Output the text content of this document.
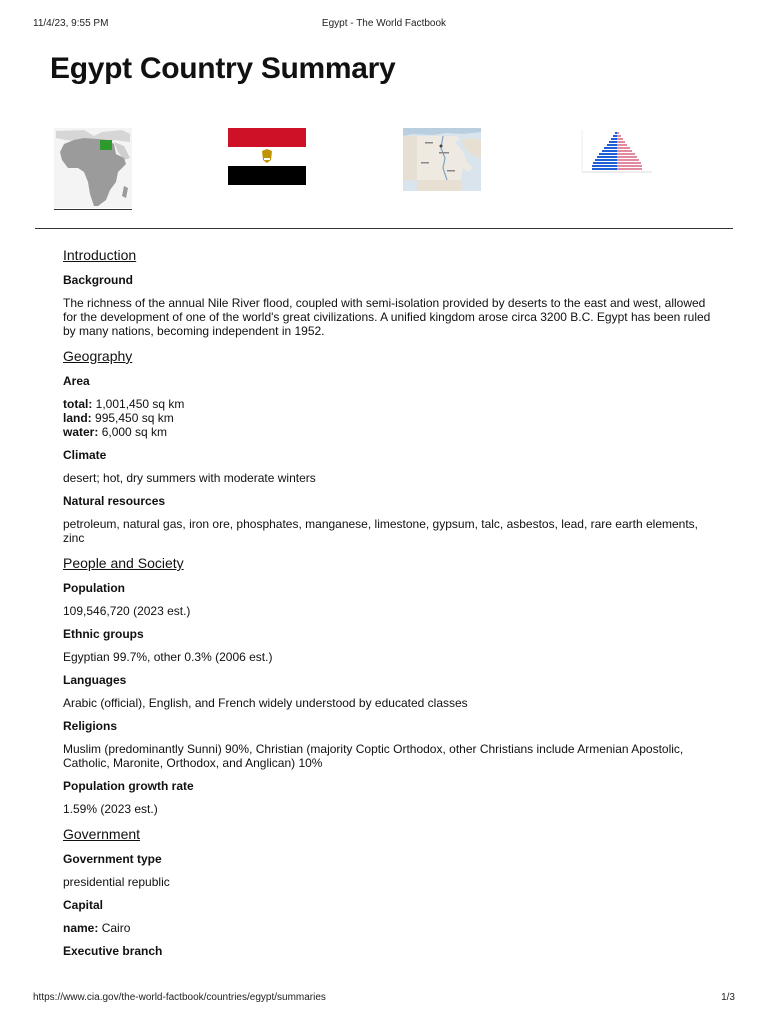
11/4/23, 9:55 PM	Egypt - The World Factbook
Egypt Country Summary
Introduction
Background
The richness of the annual Nile River flood, coupled with semi-isolation provided by deserts to the east and west, allowed for the development of one of the world's great civilizations. A unified kingdom arose circa 3200 B.C. Egypt has been ruled by many nations, becoming independent in 1952.
Geography
Area
total: 1,001,450 sq km
land: 995,450 sq km
water: 6,000 sq km
Climate
desert; hot, dry summers with moderate winters
Natural resources
petroleum, natural gas, iron ore, phosphates, manganese, limestone, gypsum, talc, asbestos, lead, rare earth elements, zinc
People and Society
Population
109,546,720 (2023 est.)
Ethnic groups
Egyptian 99.7%, other 0.3% (2006 est.)
Languages
Arabic (official), English, and French widely understood by educated classes
Religions
Muslim (predominantly Sunni) 90%, Christian (majority Coptic Orthodox, other Christians include Armenian Apostolic, Catholic, Maronite, Orthodox, and Anglican) 10%
Population growth rate
1.59% (2023 est.)
Government
Government type
presidential republic
Capital
name: Cairo
Executive branch
https://www.cia.gov/the-world-factbook/countries/egypt/summaries	1/3
